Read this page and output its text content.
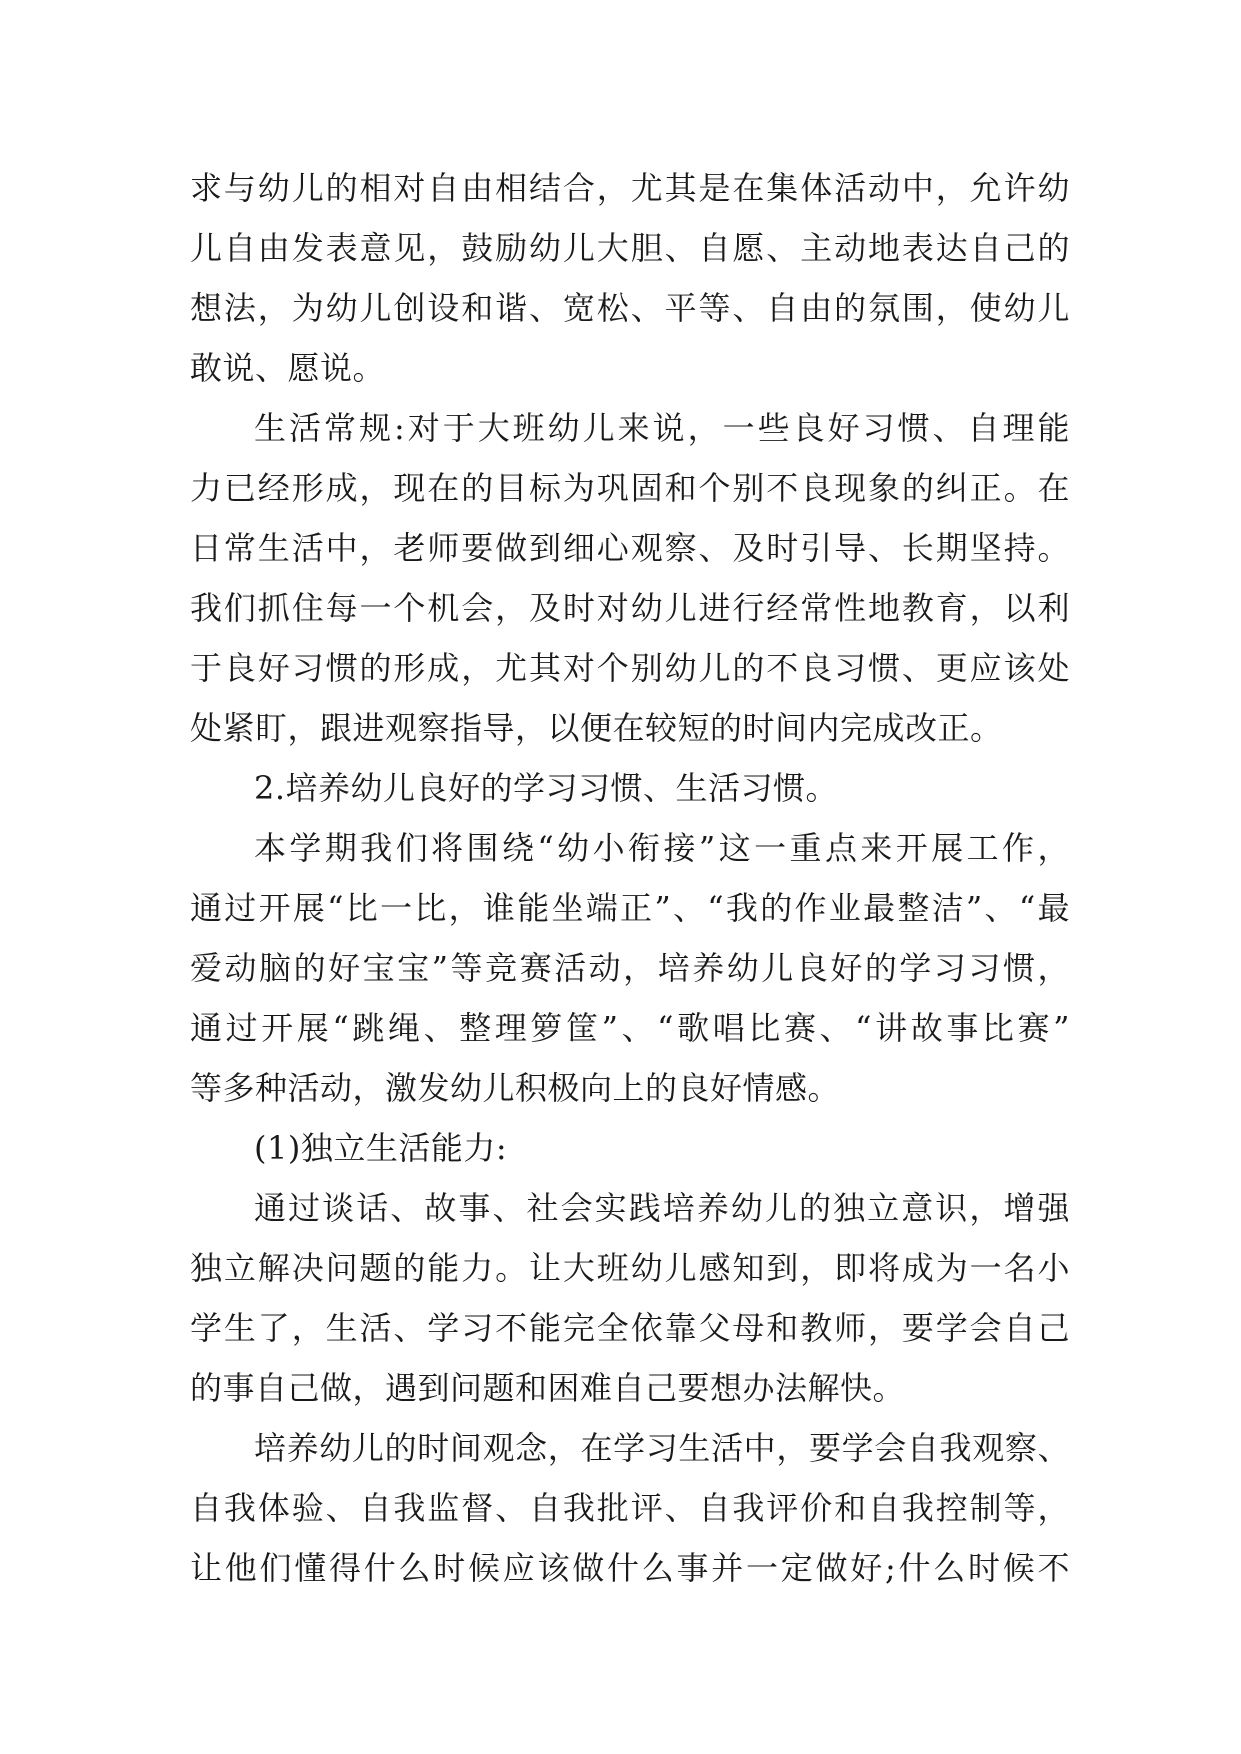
求与幼儿的相对自由相结合，尤其是在集体活动中，允许幼
儿自由发表意见，鼓励幼儿大胆、自愿、主动地表达自己的
想法，为幼儿创设和谐、宽松、平等、自由的氛围，使幼儿
敢说、愿说。
生活常规:对于大班幼儿来说，一些良好习惯、自理能
力已经形成，现在的目标为巩固和个别不良现象的纠正。在
日常生活中，老师要做到细心观察、及时引导、长期坚持。
我们抓住每一个机会，及时对幼儿进行经常性地教育，以利
于良好习惯的形成，尤其对个别幼儿的不良习惯、更应该处
处紧盯，跟进观察指导，以便在较短的时间内完成改正。
2.培养幼儿良好的学习习惯、生活习惯。
本学期我们将围绕“幼小衔接”这一重点来开展工作，
通过开展“比一比，谁能坐端正”、“我的作业最整洁”、“最
爱动脑的好宝宝”等竞赛活动，培养幼儿良好的学习习惯，
通过开展“跳绳、整理箩筐”、“歌唱比赛、“讲故事比赛”
等多种活动，激发幼儿积极向上的良好情感。
(1)独立生活能力:
通过谈话、故事、社会实践培养幼儿的独立意识，增强
独立解决问题的能力。让大班幼儿感知到，即将成为一名小
学生了，生活、学习不能完全依靠父母和教师，要学会自己
的事自己做，遇到问题和困难自己要想办法解快。
培养幼儿的时间观念，在学习生活中，要学会自我观察、
自我体验、自我监督、自我批评、自我评价和自我控制等，
让他们懂得什么时候应该做什么事并一定做好;什么时候不
